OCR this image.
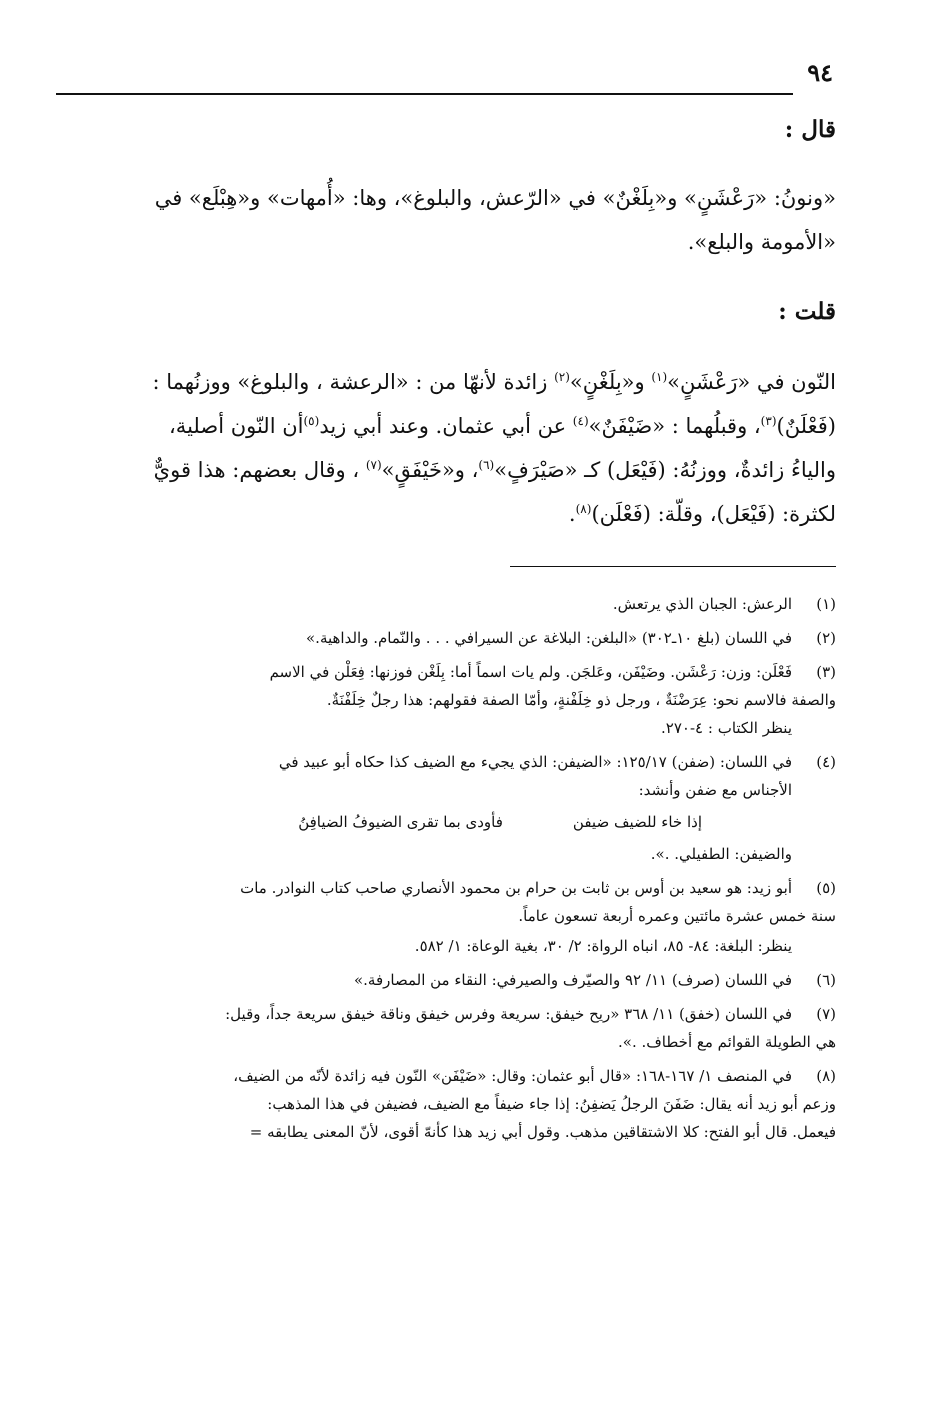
٩٤
قال :
«ونونُ: «رَعْشَنٍ» و«بِلَغْنٌ» في «الرّعش، والبلوغ»، وها: «أُمهات» و«هِبْلَع» في
«الأمومة والبلع».
قلت :
النّون في «رَعْشَنٍ»$^{(١)}$ و«بِلَغْنٍ»$^{(٢)}$ زائدة لأنهّا من : «الرعشة ، والبلوغ» ووزنُهما :
(فَعْلَنٌ)$^{(٣)}$، وقبلُهما : «ضَيْفَنٌ»$^{(٤)}$ عن أبي عثمان. وعند أبي زيد$^{(٥)}$أن النّون أصلية،
والياءُ زائدةٌ، ووزنُهُ: (فَيْعَل) كـ «صَيْرَفٍ»$^{(٦)}$، و«خَيْفَقٍ»$^{(٧)}$ ، وقال بعضهم: هذا قويٌّ
لكثرة: (فَيْعَل)، وقلّة: (فَعْلَن)$^{(٨)}$.
(١)
الرعش: الجبان الذي يرتعش.
(٢)
في اللسان (بلغ ١٠ـ٣٠٢) «البلغن: البلاغة عن السيرافي . . . والنّمام. والداهية.»
(٣)
فَعْلَن: وزن: رَعْشَن. وضَيْفَن، وعَلجَن. ولم يات اسماً أما: بِلَغْن فوزنها: فِعَلْن في الاسم
والصفة فالاسم نحو: عِرَضْنَةٌ ، ورجل ذو خِلَفْنةٍ، وأمّا الصفة فقولهم: هذا رجلٌ خِلَفْنَةٌ.
ينظر الكتاب : ٤-٢٧٠.
(٤)
في اللسان: (ضفن) ١٢٥/١٧: «الضيفن: الذي يجيء مع الضيف كذا حكاه أبو عبيد في
الأجناس مع ضفن وأنشد:
إذا خاء للضيف ضيفن
فأودى بما تقرى الضيوفُ الضيافِنُ
والضيفن: الطفيلي. .».
(٥)
أبو زيد: هو سعيد بن أوس بن ثابت بن حرام بن محمود الأنصاري صاحب كتاب النوادر. مات
سنة خمس عشرة مائتين وعمره أربعة تسعون عاماً.
ينظر: البلغة: ٨٤- ٨٥، انباه الرواة: ٢/ ٣٠، بغية الوعاة: ١/ ٥٨٢.
(٦)
في اللسان (صرف) ١١/ ٩٢ والصيّرف والصيرفي: النقاء من المصارفة.»
(٧)
في اللسان (خفق) ١١/ ٣٦٨ «ريح خيفق: سريعة وفرس خيفق وناقة خيفق سريعة جداً، وقيل:
هي الطويلة القوائم مع أخطاف. .».
(٨)
في المنصف ١/ ١٦٧-١٦٨: «قال أبو عثمان: وقال: «ضَيْفَن» النّون فيه زائدة لأنّه من الضيف،
وزعم أبو زيد أنه يقال: ضَفَنَ الرجلُ يَضفِنُ: إذا جاء ضيفاً مع الضيف، فضيفن في هذا المذهب:
فيعمل. قال أبو الفتح: كلا الاشتقاقين مذهب. وقول أبي زيد هذا كأنهّ أقوى، لأنّ المعنى يطابقه =
